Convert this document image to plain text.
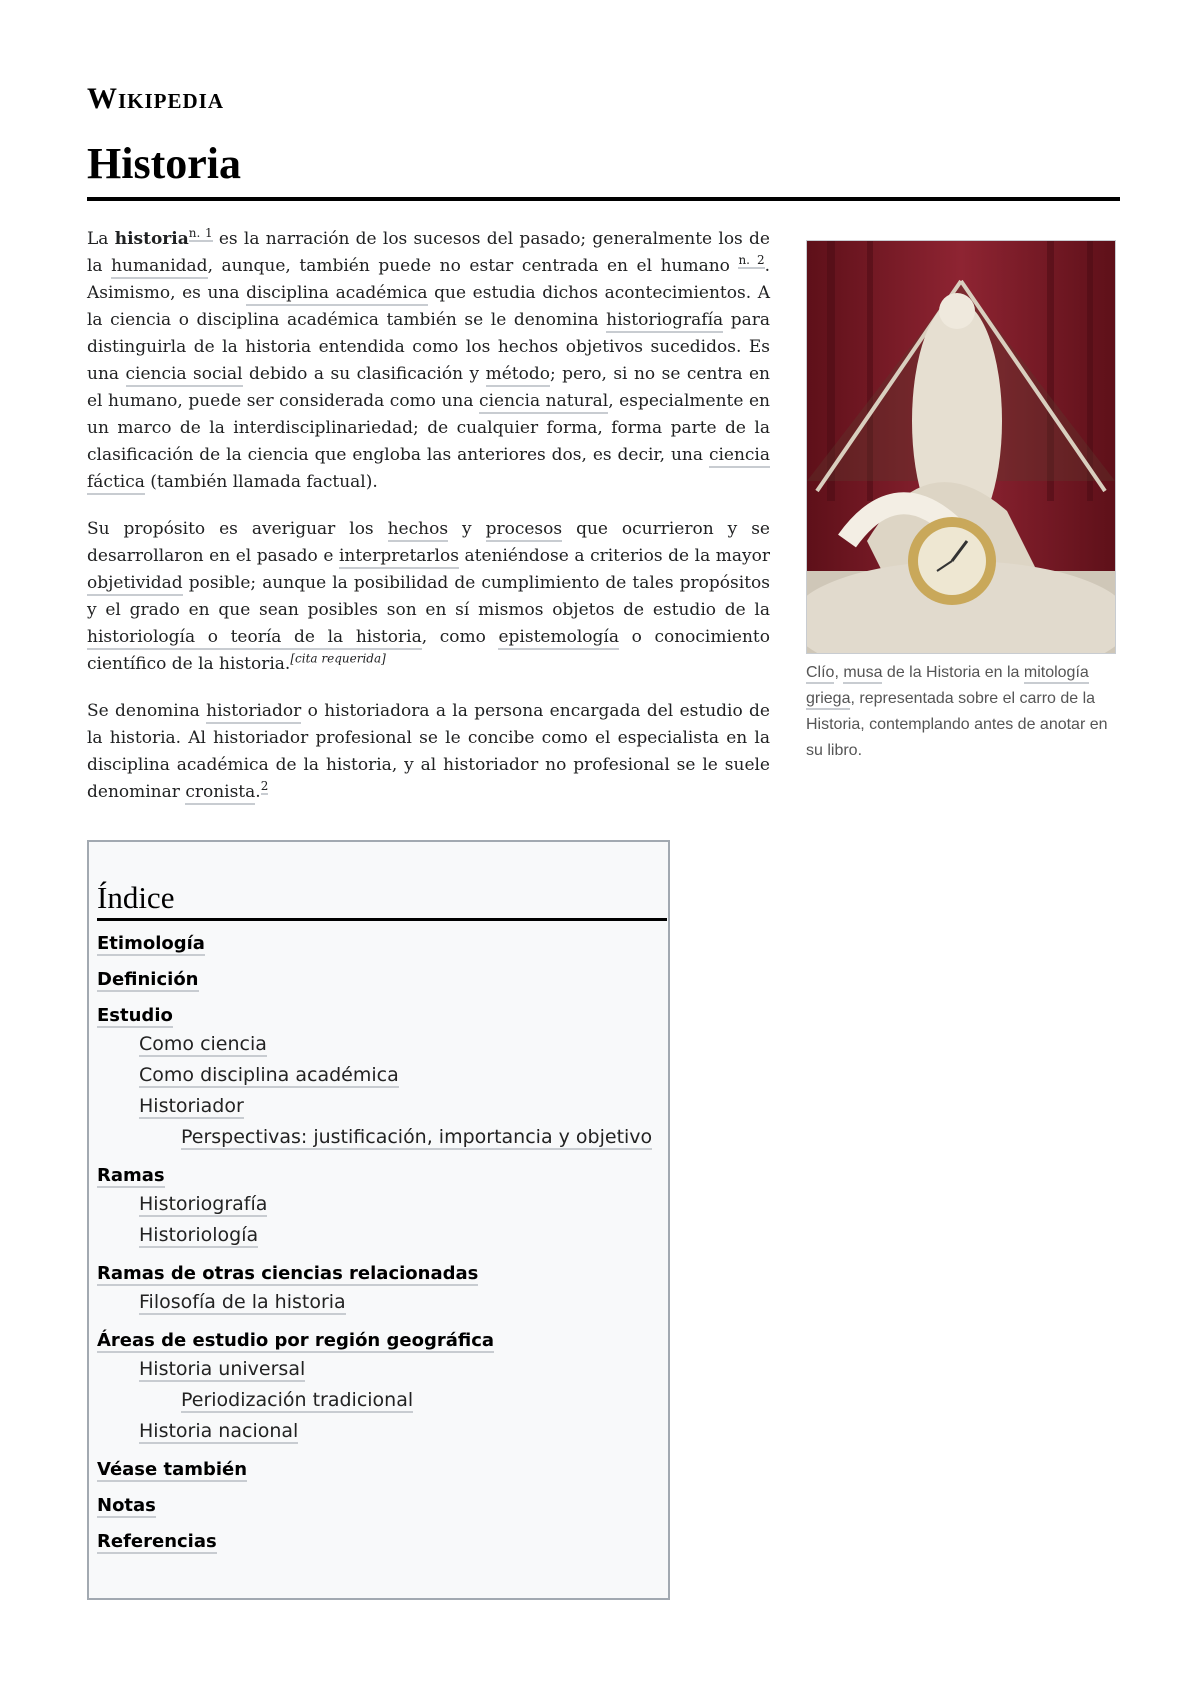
Wikipedia
Historia

La historia$^{n. 1}$ es la narración de los sucesos del pasado; generalmente los de la humanidad, aunque, también puede no estar centrada en el humano $^{n. 2}$. Asimismo, es una disciplina académica que estudia dichos acontecimientos. A la ciencia o disciplina académica también se le denomina historiografía para distinguirla de la historia entendida como los hechos objetivos sucedidos. Es una ciencia social debido a su clasificación y método; pero, si no se centra en el humano, puede ser considerada como una ciencia natural, especialmente en un marco de la interdisciplinariedad; de cualquier forma, forma parte de la clasificación de la ciencia que engloba las anteriores dos, es decir, una ciencia fáctica (también llamada factual).

Su propósito es averiguar los hechos y procesos que ocurrieron y se desarrollaron en el pasado e interpretarlos ateniéndose a criterios de la mayor objetividad posible; aunque la posibilidad de cumplimiento de tales propósitos y el grado en que sean posibles son en sí mismos objetos de estudio de la historiología o teoría de la historia, como epistemología o conocimiento científico de la historia.[cita requerida]

Se denomina historiador o historiadora a la persona encargada del estudio de la historia. Al historiador profesional se le concibe como el especialista en la disciplina académica de la historia, y al historiador no profesional se le suele denominar cronista.$^2$

Clío, musa de la Historia en la mitología griega, representada sobre el carro de la Historia, contemplando antes de anotar en su libro.
Índice
Etimología
Definición
Estudio
Como ciencia
Como disciplina académica
Historiador
Perspectivas: justificación, importancia y objetivo
Ramas
Historiografía
Historiología
Ramas de otras ciencias relacionadas
Filosofía de la historia
Áreas de estudio por región geográfica
Historia universal
Periodización tradicional
Historia nacional
Véase también
Notas
Referencias
